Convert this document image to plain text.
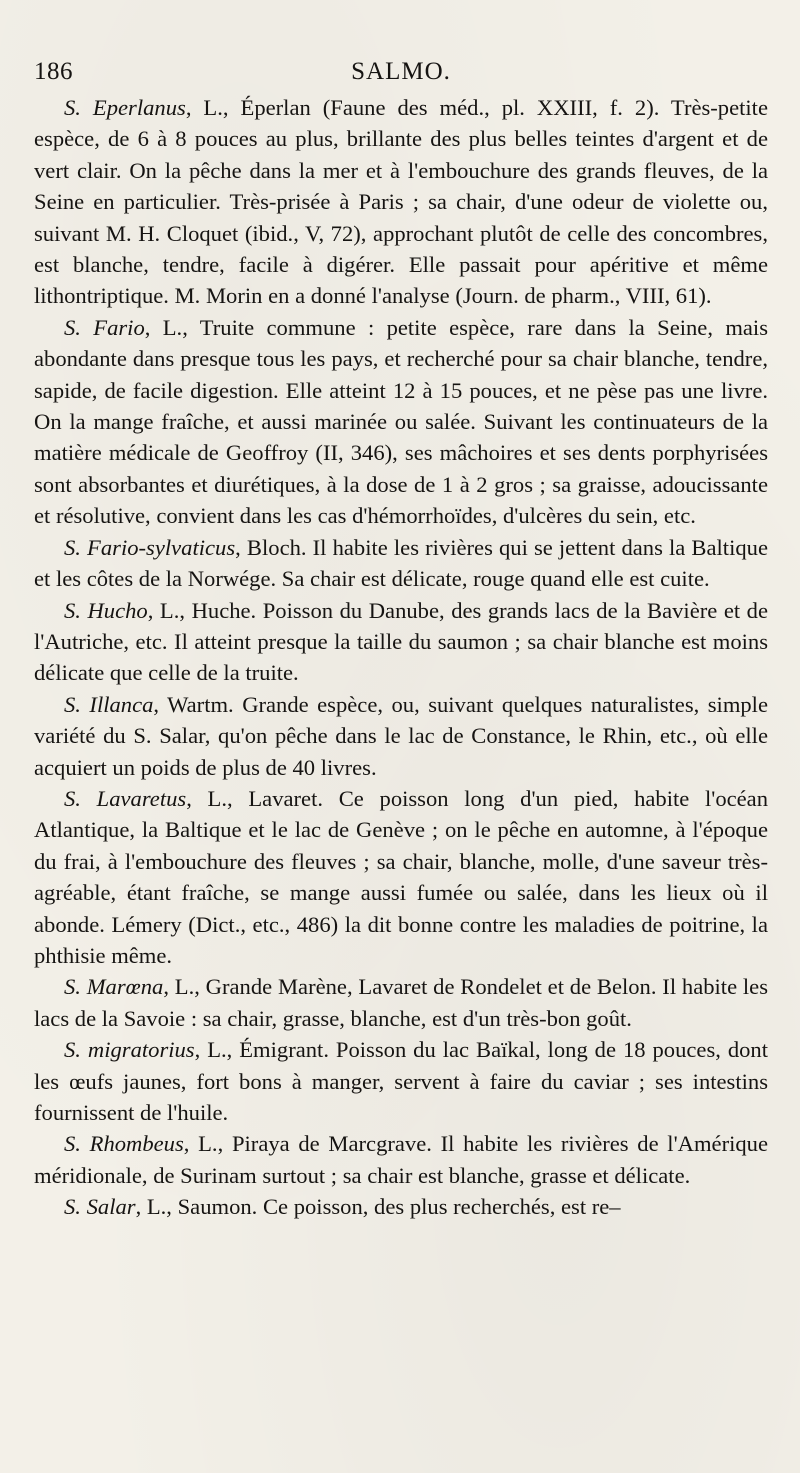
186	SALMO.

S. Eperlanus, L., Éperlan (Faune des méd., pl. XXIII, f. 2). Très-petite espèce, de 6 à 8 pouces au plus, brillante des plus belles teintes d'argent et de vert clair. On la pêche dans la mer et à l'embouchure des grands fleuves, de la Seine en particulier. Très-prisée à Paris ; sa chair, d'une odeur de violette ou, suivant M. H. Cloquet (ibid., V, 72), approchant plutôt de celle des concombres, est blanche, tendre, facile à digérer. Elle passait pour apéritive et même lithontriptique. M. Morin en a donné l'analyse (Journ. de pharm., VIII, 61).

S. Fario, L., Truite commune : petite espèce, rare dans la Seine, mais abondante dans presque tous les pays, et recherché pour sa chair blanche, tendre, sapide, de facile digestion. Elle atteint 12 à 15 pouces, et ne pèse pas une livre. On la mange fraîche, et aussi marinée ou salée. Suivant les continuateurs de la matière médicale de Geoffroy (II, 346), ses mâchoires et ses dents porphyrisées sont absorbantes et diurétiques, à la dose de 1 à 2 gros ; sa graisse, adoucissante et résolutive, convient dans les cas d'hémorrhoïdes, d'ulcères du sein, etc.

S. Fario-sylvaticus, Bloch. Il habite les rivières qui se jettent dans la Baltique et les côtes de la Norwége. Sa chair est délicate, rouge quand elle est cuite.

S. Hucho, L., Huche. Poisson du Danube, des grands lacs de la Bavière et de l'Autriche, etc. Il atteint presque la taille du saumon ; sa chair blanche est moins délicate que celle de la truite.

S. Illanca, Wartm. Grande espèce, ou, suivant quelques naturalistes, simple variété du S. Salar, qu'on pêche dans le lac de Constance, le Rhin, etc., où elle acquiert un poids de plus de 40 livres.

S. Lavaretus, L., Lavaret. Ce poisson long d'un pied, habite l'océan Atlantique, la Baltique et le lac de Genève ; on le pêche en automne, à l'époque du frai, à l'embouchure des fleuves ; sa chair, blanche, molle, d'une saveur très-agréable, étant fraîche, se mange aussi fumée ou salée, dans les lieux où il abonde. Lémery (Dict., etc., 486) la dit bonne contre les maladies de poitrine, la phthisie même.

S. Marœna, L., Grande Marène, Lavaret de Rondelet et de Belon. Il habite les lacs de la Savoie : sa chair, grasse, blanche, est d'un très-bon goût.

S. migratorius, L., Émigrant. Poisson du lac Baïkal, long de 18 pouces, dont les œufs jaunes, fort bons à manger, servent à faire du caviar ; ses intestins fournissent de l'huile.

S. Rhombeus, L., Piraya de Marcgrave. Il habite les rivières de l'Amérique méridionale, de Surinam surtout ; sa chair est blanche, grasse et délicate.

S. Salar, L., Saumon. Ce poisson, des plus recherchés, est re–
